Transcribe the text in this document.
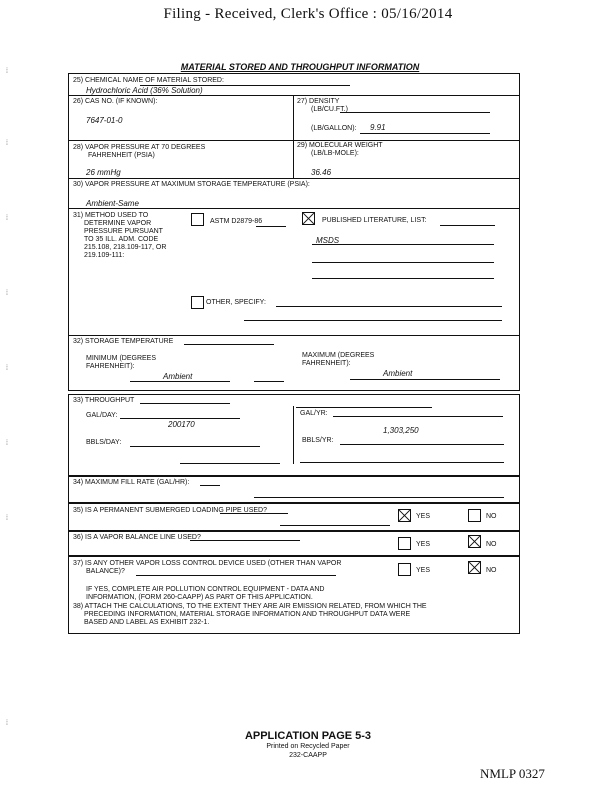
Filing - Received, Clerk's Office : 05/16/2014
⁞
⁞
⁞
⁞
⁞
⁞
⁞
⁞
MATERIAL STORED AND THROUGHPUT INFORMATION
25) CHEMICAL NAME OF MATERIAL STORED:
Hydrochloric Acid (36% Solution)
26) CAS NO. (IF KNOWN):
7647-01-0
27) DENSITY
(LB/CU.FT.)
(LB/GALLON): 9.91
28) VAPOR PRESSURE AT 70 DEGREES
FAHRENHEIT (PSIA)
26 mmHg
29) MOLECULAR WEIGHT
(LB/LB-MOLE):
36.46
30) VAPOR PRESSURE AT MAXIMUM STORAGE TEMPERATURE (PSIA):
Ambient-Same
31) METHOD USED TO
DETERMINE VAPOR
PRESSURE PURSUANT
TO 35 ILL. ADM. CODE
215.108, 218.109-117, OR
219.109-111:
ASTM D2879-86	PUBLISHED LITERATURE, LIST:
MSDS
OTHER, SPECIFY:
32) STORAGE TEMPERATURE
MINIMUM (DEGREES
FAHRENHEIT):
Ambient
MAXIMUM (DEGREES
FAHRENHEIT):
Ambient
33) THROUGHPUT
GAL/DAY:
200170
GAL/YR:
1,303,250
BBLS/DAY:	BBLS/YR:
34) MAXIMUM FILL RATE (GAL/HR):
35) IS A PERMANENT SUBMERGED LOADING PIPE USED?
YES	NO
36) IS A VAPOR BALANCE LINE USED?
YES	NO
37) IS ANY OTHER VAPOR LOSS CONTROL DEVICE USED (OTHER THAN VAPOR
BALANCE)?	YES	NO
IF YES, COMPLETE AIR POLLUTION CONTROL EQUIPMENT - DATA AND
INFORMATION, (FORM 260-CAAPP) AS PART OF THIS APPLICATION.
38) ATTACH THE CALCULATIONS, TO THE EXTENT THEY ARE AIR EMISSION RELATED, FROM WHICH THE
PRECEDING INFORMATION, MATERIAL STORAGE INFORMATION AND THROUGHPUT DATA WERE
BASED AND LABEL AS EXHIBIT 232-1.
APPLICATION PAGE 5-3
Printed on Recycled Paper
232-CAAPP
NMLP 0327
